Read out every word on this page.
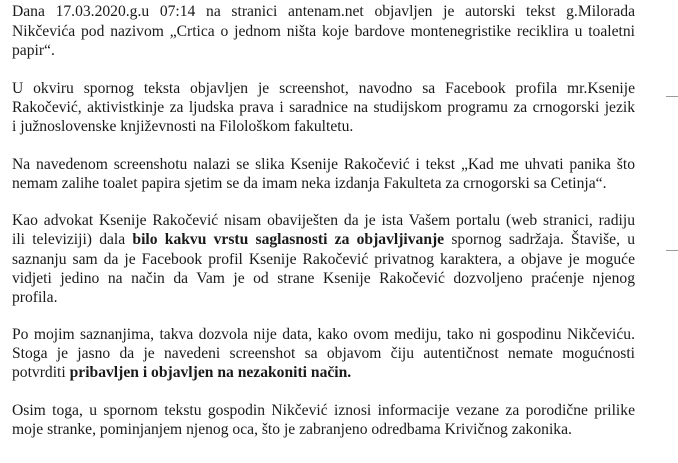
Dana 17.03.2020.g.u 07:14 na stranici antenam.net objavljen je autorski tekst g.Milorada
Nikčevića pod nazivom „Crtica o jednom ništa koje bardove montenegristike reciklira u toaletni
papir“.
U okviru spornog teksta objavljen je screenshot, navodno sa Facebook profila mr.Ksenije
Rakočević, aktivistkinje za ljudska prava i saradnice na studijskom programu za crnogorski jezik
i južnoslovenske književnosti na Filološkom fakultetu.
Na navedenom screenshotu nalazi se slika Ksenije Rakočević i tekst „Kad me uhvati panika što
nemam zalihe toalet papira sjetim se da imam neka izdanja Fakulteta za crnogorski sa Cetinja“.
Kao advokat Ksenije Rakočević nisam obaviješten da je ista Vašem portalu (web stranici, radiju
ili televiziji) dala bilo kakvu vrstu saglasnosti za objavljivanje spornog sadržaja. Štaviše, u
saznanju sam da je Facebook profil Ksenije Rakočević privatnog karaktera, a objave je moguće
vidjeti jedino na način da Vam je od strane Ksenije Rakočević dozvoljeno praćenje njenog
profila.
Po mojim saznanjima, takva dozvola nije data, kako ovom mediju, tako ni gospodinu Nikčeviću.
Stoga je jasno da je navedeni screenshot sa objavom čiju autentičnost nemate mogućnosti
potvrditi pribavljen i objavljen na nezakoniti način.
Osim toga, u spornom tekstu gospodin Nikčević iznosi informacije vezane za porodične prilike
moje stranke, pominjanjem njenog oca, što je zabranjeno odredbama Krivičnog zakonika.
